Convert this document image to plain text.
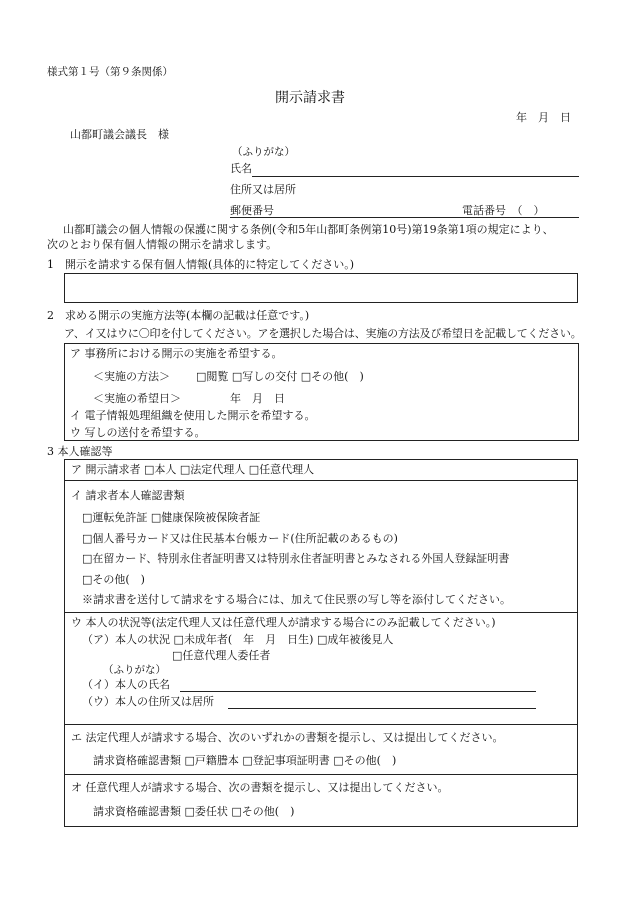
様式第１号（第９条関係）
開示請求書
年　月　日
山都町議会議長　様
（ふりがな）
氏名
住所又は居所
郵便番号	電話番号　（　）
山都町議会の個人情報の保護に関する条例(令和5年山都町条例第10号)第19条第1項の規定により、
次のとおり保有個人情報の開示を請求します。
1　開示を請求する保有個人情報(具体的に特定してください。)
2　求める開示の実施方法等(本欄の記載は任意です。)
ア、イ又はウに〇印を付してください。アを選択した場合は、実施の方法及び希望日を記載してください。
ア 事務所における開示の実施を希望する。
＜実施の方法＞ □閲覧 □写しの交付 □その他(　)
＜実施の希望日＞	年　月　日
イ 電子情報処理組織を使用した開示を希望する。
ウ 写しの送付を希望する。
3 本人確認等
ア 開示請求者 □本人 □法定代理人 □任意代理人
イ 請求者本人確認書類
□運転免許証 □健康保険被保険者証
□個人番号カード又は住民基本台帳カード(住所記載のあるもの)
□在留カード、特別永住者証明書又は特別永住者証明書とみなされる外国人登録証明書
□その他(　)
※請求書を送付して請求をする場合には、加えて住民票の写し等を添付してください。
ウ 本人の状況等(法定代理人又は任意代理人が請求する場合にのみ記載してください。)
（ア）本人の状況 □未成年者(　年　月　日生) □成年被後見人
□任意代理人委任者
（ふりがな）
（イ）本人の氏名
（ウ）本人の住所又は居所
エ 法定代理人が請求する場合、次のいずれかの書類を提示し、又は提出してください。
請求資格確認書類 □戸籍謄本 □登記事項証明書 □その他(　)
オ 任意代理人が請求する場合、次の書類を提示し、又は提出してください。
請求資格確認書類 □委任状 □その他(　)
